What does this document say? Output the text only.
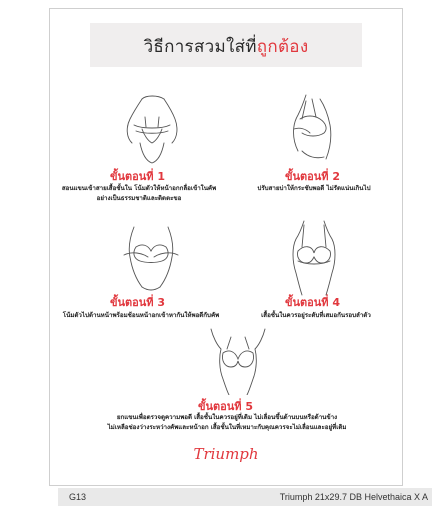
วิธีการสวมใส่ที่ถูกต้อง
ขั้นตอนที่ 1	ขั้นตอนที่ 2
สอนแขนเข้าสายเสื้อชั้นใน โน้มตัวให้หน้าอกกลื่อเข้าในคัพ
อย่างเป็นธรรมชาติและติดตะขอ
ปรับสายบ่าให้กระชับพอดี ไม่รัดแน่นเกินไป
ขั้นตอนที่ 3	ขั้นตอนที่ 4
โน้มตัวไปด้านหน้าพร้อมช้อนหน้าอกเข้าหากันให้พอดีกับคัพ	เสื้อชั้นในควรอยู่ระดับที่เสมอกันรอบลำตัว
ขั้นตอนที่ 5
ยกแขนเพื่อตรวจดูความพอดี เสื้อชั้นในควรอยู่ที่เดิม ไม่เลื่อนขึ้นด้านบนหรือด้านข้าง
ไม่เหลือช่องว่างระหว่างคัพและหน้าอก เสื้อชั้นในที่เหมาะกับคุณควรจะไม่เลื่อนและอยู่ที่เดิม
Triumph
G13	Triumph 21x29.7 DB Helvethaica X A
